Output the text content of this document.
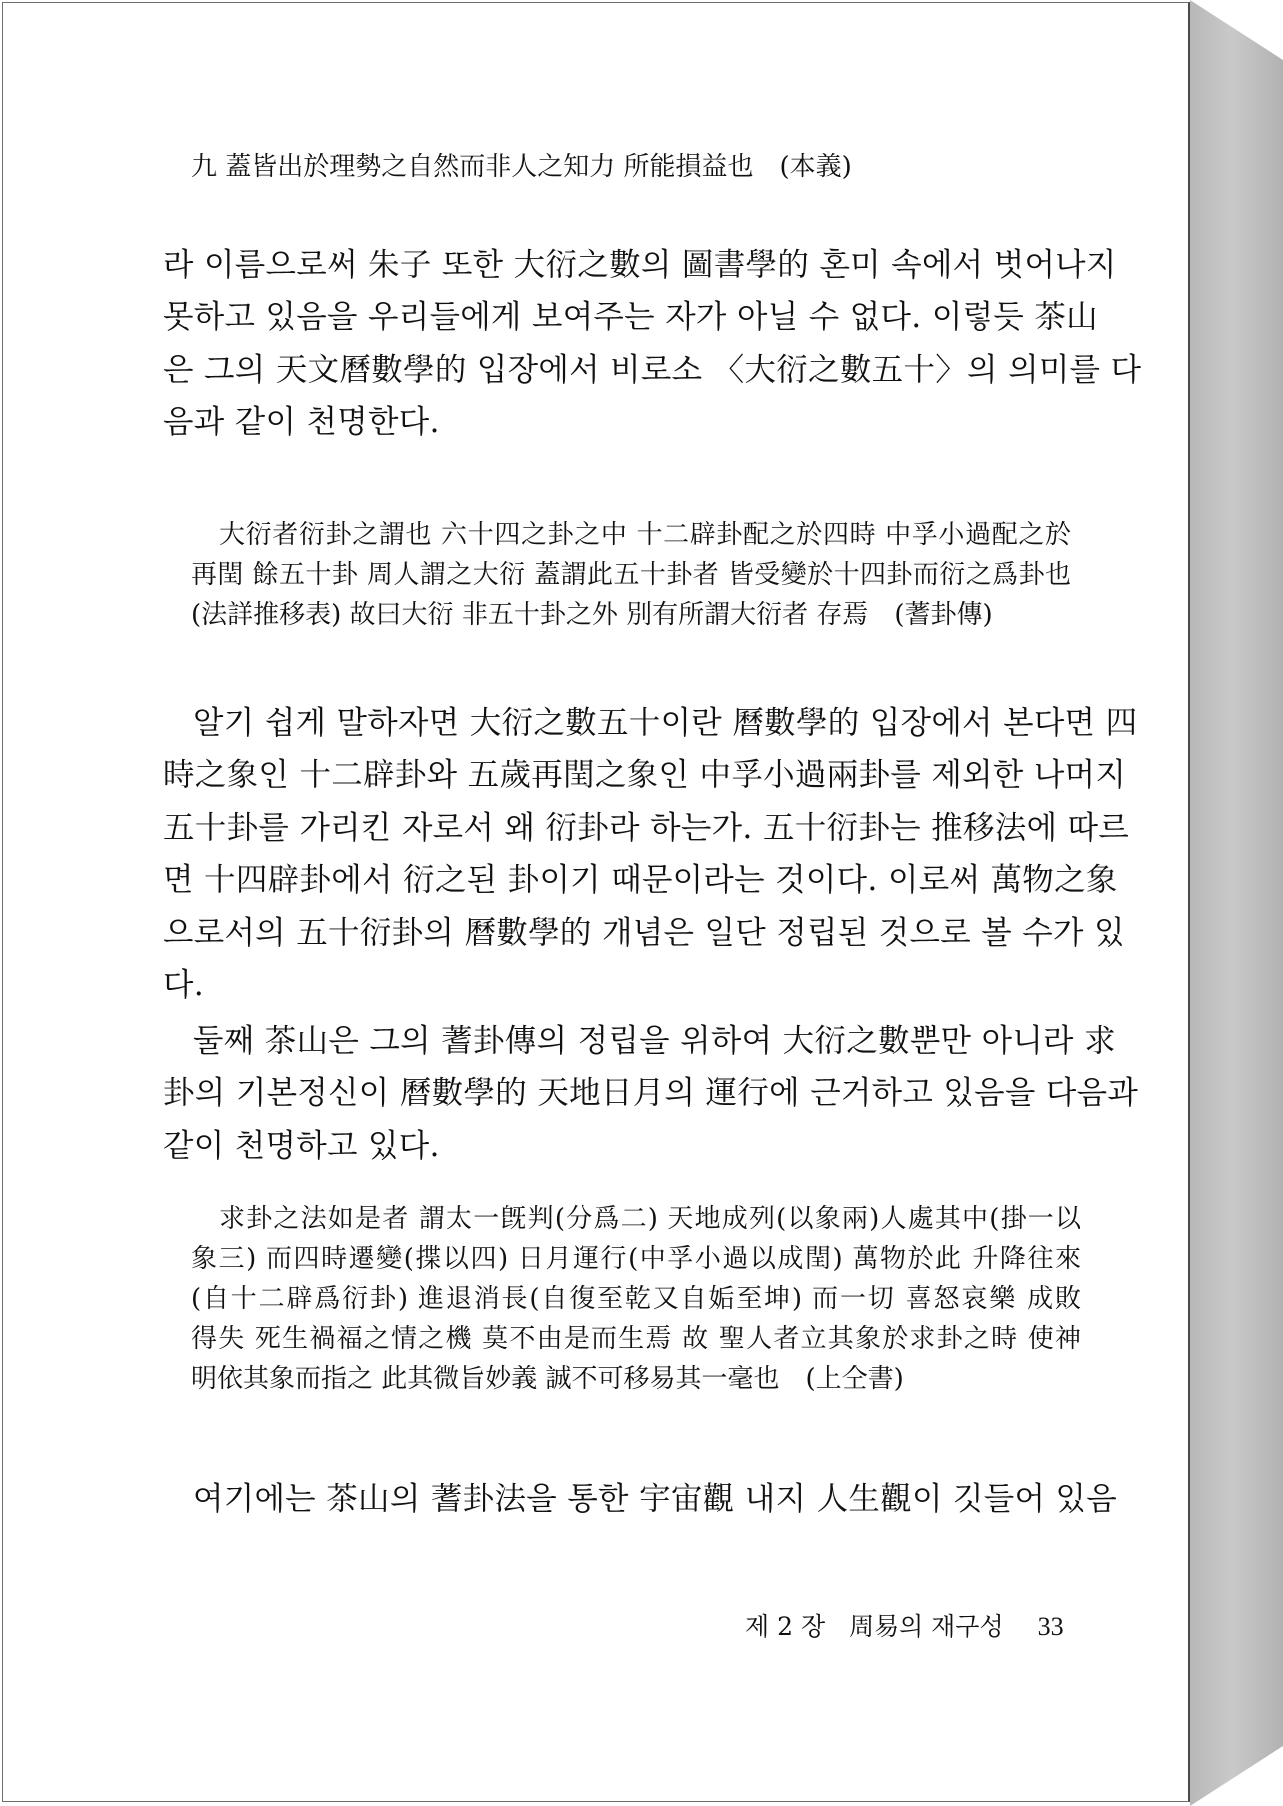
九 蓋皆出於理勢之自然而非人之知力 所能損益也　(本義)
라 이름으로써 朱子 또한 大衍之數의 圖書學的 혼미 속에서 벗어나지
못하고 있음을 우리들에게 보여주는 자가 아닐 수 없다. 이렇듯 茶山
은 그의 天文曆數學的 입장에서 비로소 〈大衍之數五十〉의 의미를 다
음과 같이 천명한다.
大衍者衍卦之謂也 六十四之卦之中 十二辟卦配之於四時 中孚小過配之於
再閏 餘五十卦 周人謂之大衍 蓋謂此五十卦者 皆受變於十四卦而衍之爲卦也
(法詳推移表) 故曰大衍 非五十卦之外 別有所謂大衍者 存焉　(蓍卦傳)
알기 쉽게 말하자면 大衍之數五十이란 曆數學的 입장에서 본다면 四
時之象인 十二辟卦와 五歲再閏之象인 中孚小過兩卦를 제외한 나머지
五十卦를 가리킨 자로서 왜 衍卦라 하는가. 五十衍卦는 推移法에 따르
면 十四辟卦에서 衍之된 卦이기 때문이라는 것이다. 이로써 萬物之象
으로서의 五十衍卦의 曆數學的 개념은 일단 정립된 것으로 볼 수가 있
다.
둘째 茶山은 그의 蓍卦傳의 정립을 위하여 大衍之數뿐만 아니라 求
卦의 기본정신이 曆數學的 天地日月의 運行에 근거하고 있음을 다음과
같이 천명하고 있다.
求卦之法如是者 謂太一旣判(分爲二) 天地成列(以象兩)人處其中(掛一以
象三) 而四時遷變(揲以四) 日月運行(中孚小過以成閏) 萬物於此 升降往來
(自十二辟爲衍卦) 進退消長(自復至乾又自姤至坤) 而一切 喜怒哀樂 成敗
得失 死生禍福之情之機 莫不由是而生焉 故 聖人者立其象於求卦之時 使神
明依其象而指之 此其微旨妙義 誠不可移易其一毫也　(上仝書)
여기에는 茶山의 蓍卦法을 통한 宇宙觀 내지 人生觀이 깃들어 있음
제 2 장 周易의 재구성 33
